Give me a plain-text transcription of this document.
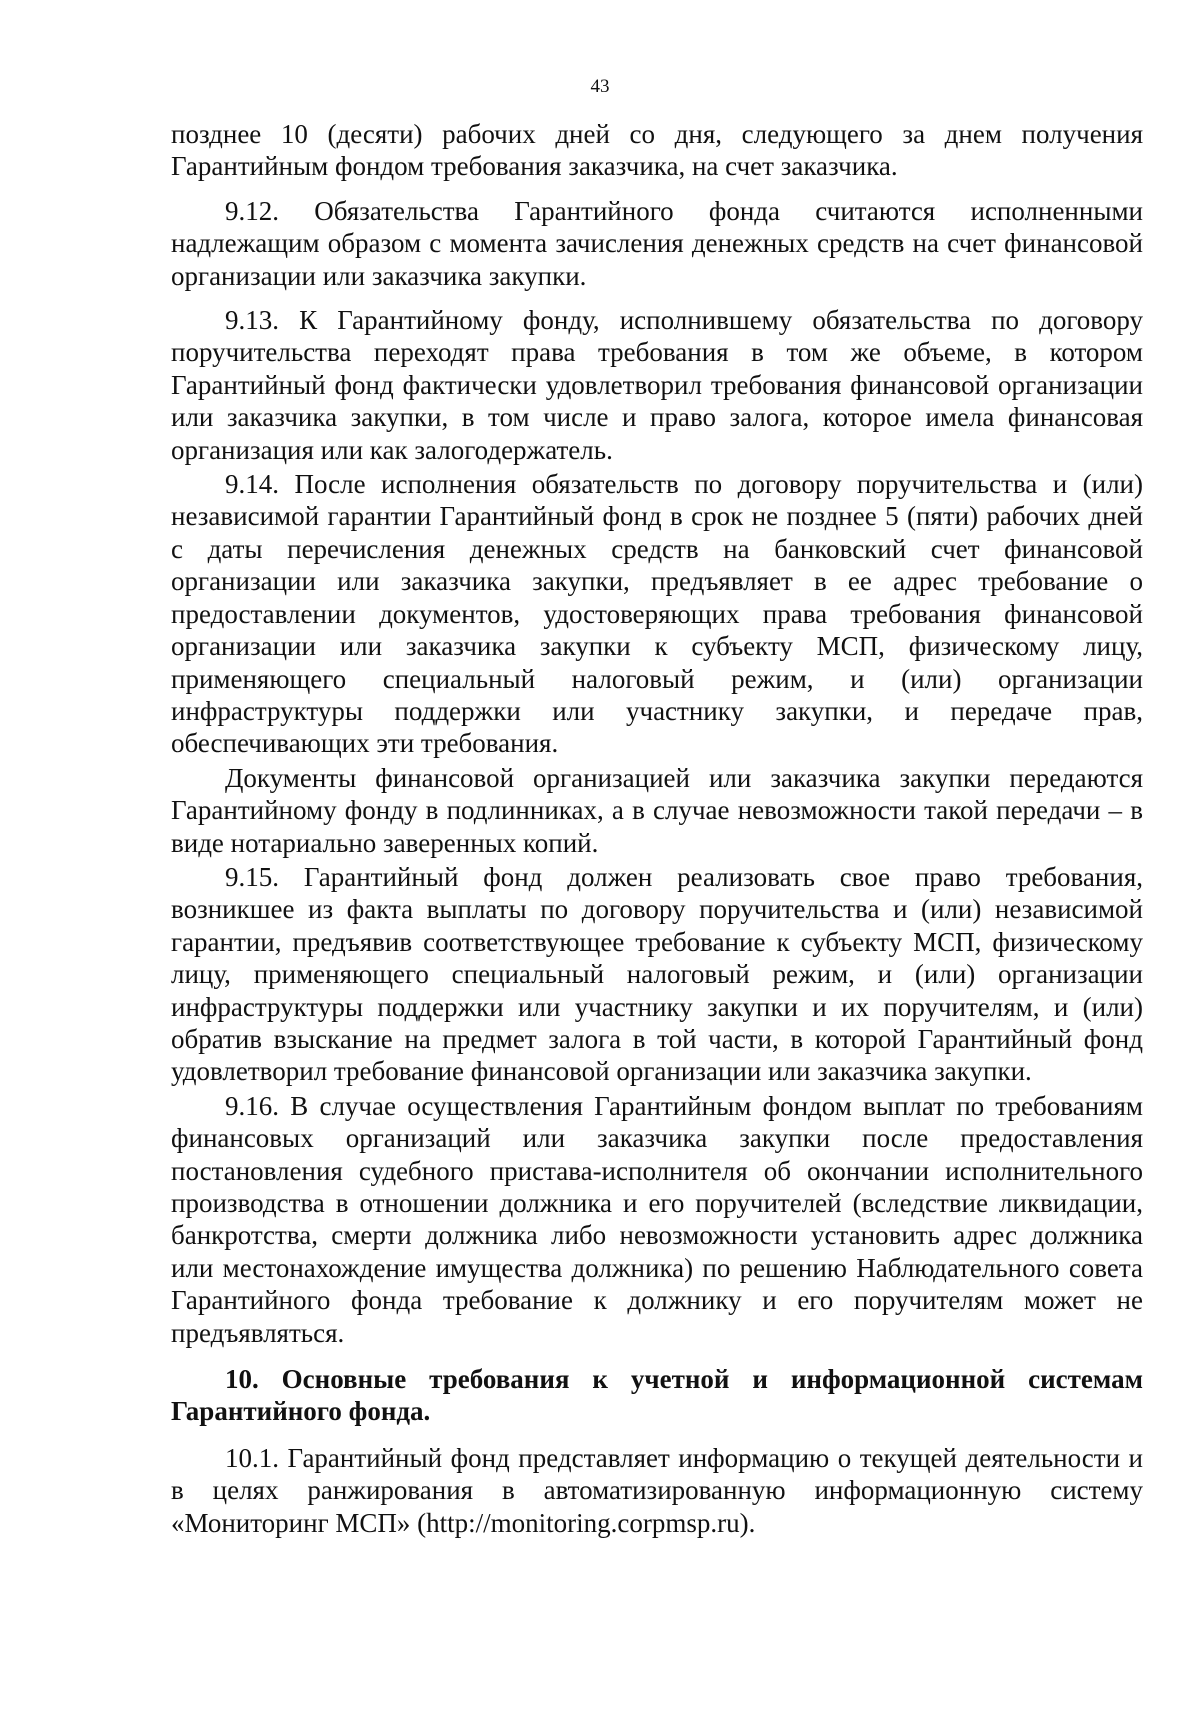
43

позднее 10 (десяти) рабочих дней со дня, следующего за днем получения Гарантийным фондом требования заказчика, на счет заказчика.

9.12. Обязательства Гарантийного фонда считаются исполненными надлежащим образом с момента зачисления денежных средств на счет финансовой организации или заказчика закупки.

9.13. К Гарантийному фонду, исполнившему обязательства по договору поручительства переходят права требования в том же объеме, в котором Гарантийный фонд фактически удовлетворил требования финансовой организации или заказчика закупки, в том числе и право залога, которое имела финансовая организация или как залогодержатель.

9.14. После исполнения обязательств по договору поручительства и (или) независимой гарантии Гарантийный фонд в срок не позднее 5 (пяти) рабочих дней с даты перечисления денежных средств на банковский счет финансовой организации или заказчика закупки, предъявляет в ее адрес требование о предоставлении документов, удостоверяющих права требования финансовой организации или заказчика закупки к субъекту МСП, физическому лицу, применяющего специальный налоговый режим, и (или) организации инфраструктуры поддержки или участнику закупки, и передаче прав, обеспечивающих эти требования.

Документы финансовой организацией или заказчика закупки передаются Гарантийному фонду в подлинниках, а в случае невозможности такой передачи – в виде нотариально заверенных копий.

9.15. Гарантийный фонд должен реализовать свое право требования, возникшее из факта выплаты по договору поручительства и (или) независимой гарантии, предъявив соответствующее требование к субъекту МСП, физическому лицу, применяющего специальный налоговый режим, и (или) организации инфраструктуры поддержки или участнику закупки и их поручителям, и (или) обратив взыскание на предмет залога в той части, в которой Гарантийный фонд удовлетворил требование финансовой организации или заказчика закупки.

9.16. В случае осуществления Гарантийным фондом выплат по требованиям финансовых организаций или заказчика закупки после предоставления постановления судебного пристава-исполнителя об окончании исполнительного производства в отношении должника и его поручителей (вследствие ликвидации, банкротства, смерти должника либо невозможности установить адрес должника или местонахождение имущества должника) по решению Наблюдательного совета Гарантийного фонда требование к должнику и его поручителям может не предъявляться.

10. Основные требования к учетной и информационной системам Гарантийного фонда.

10.1. Гарантийный фонд представляет информацию о текущей деятельности и в целях ранжирования в автоматизированную информационную систему «Мониторинг МСП» (http://monitoring.corpmsp.ru).
